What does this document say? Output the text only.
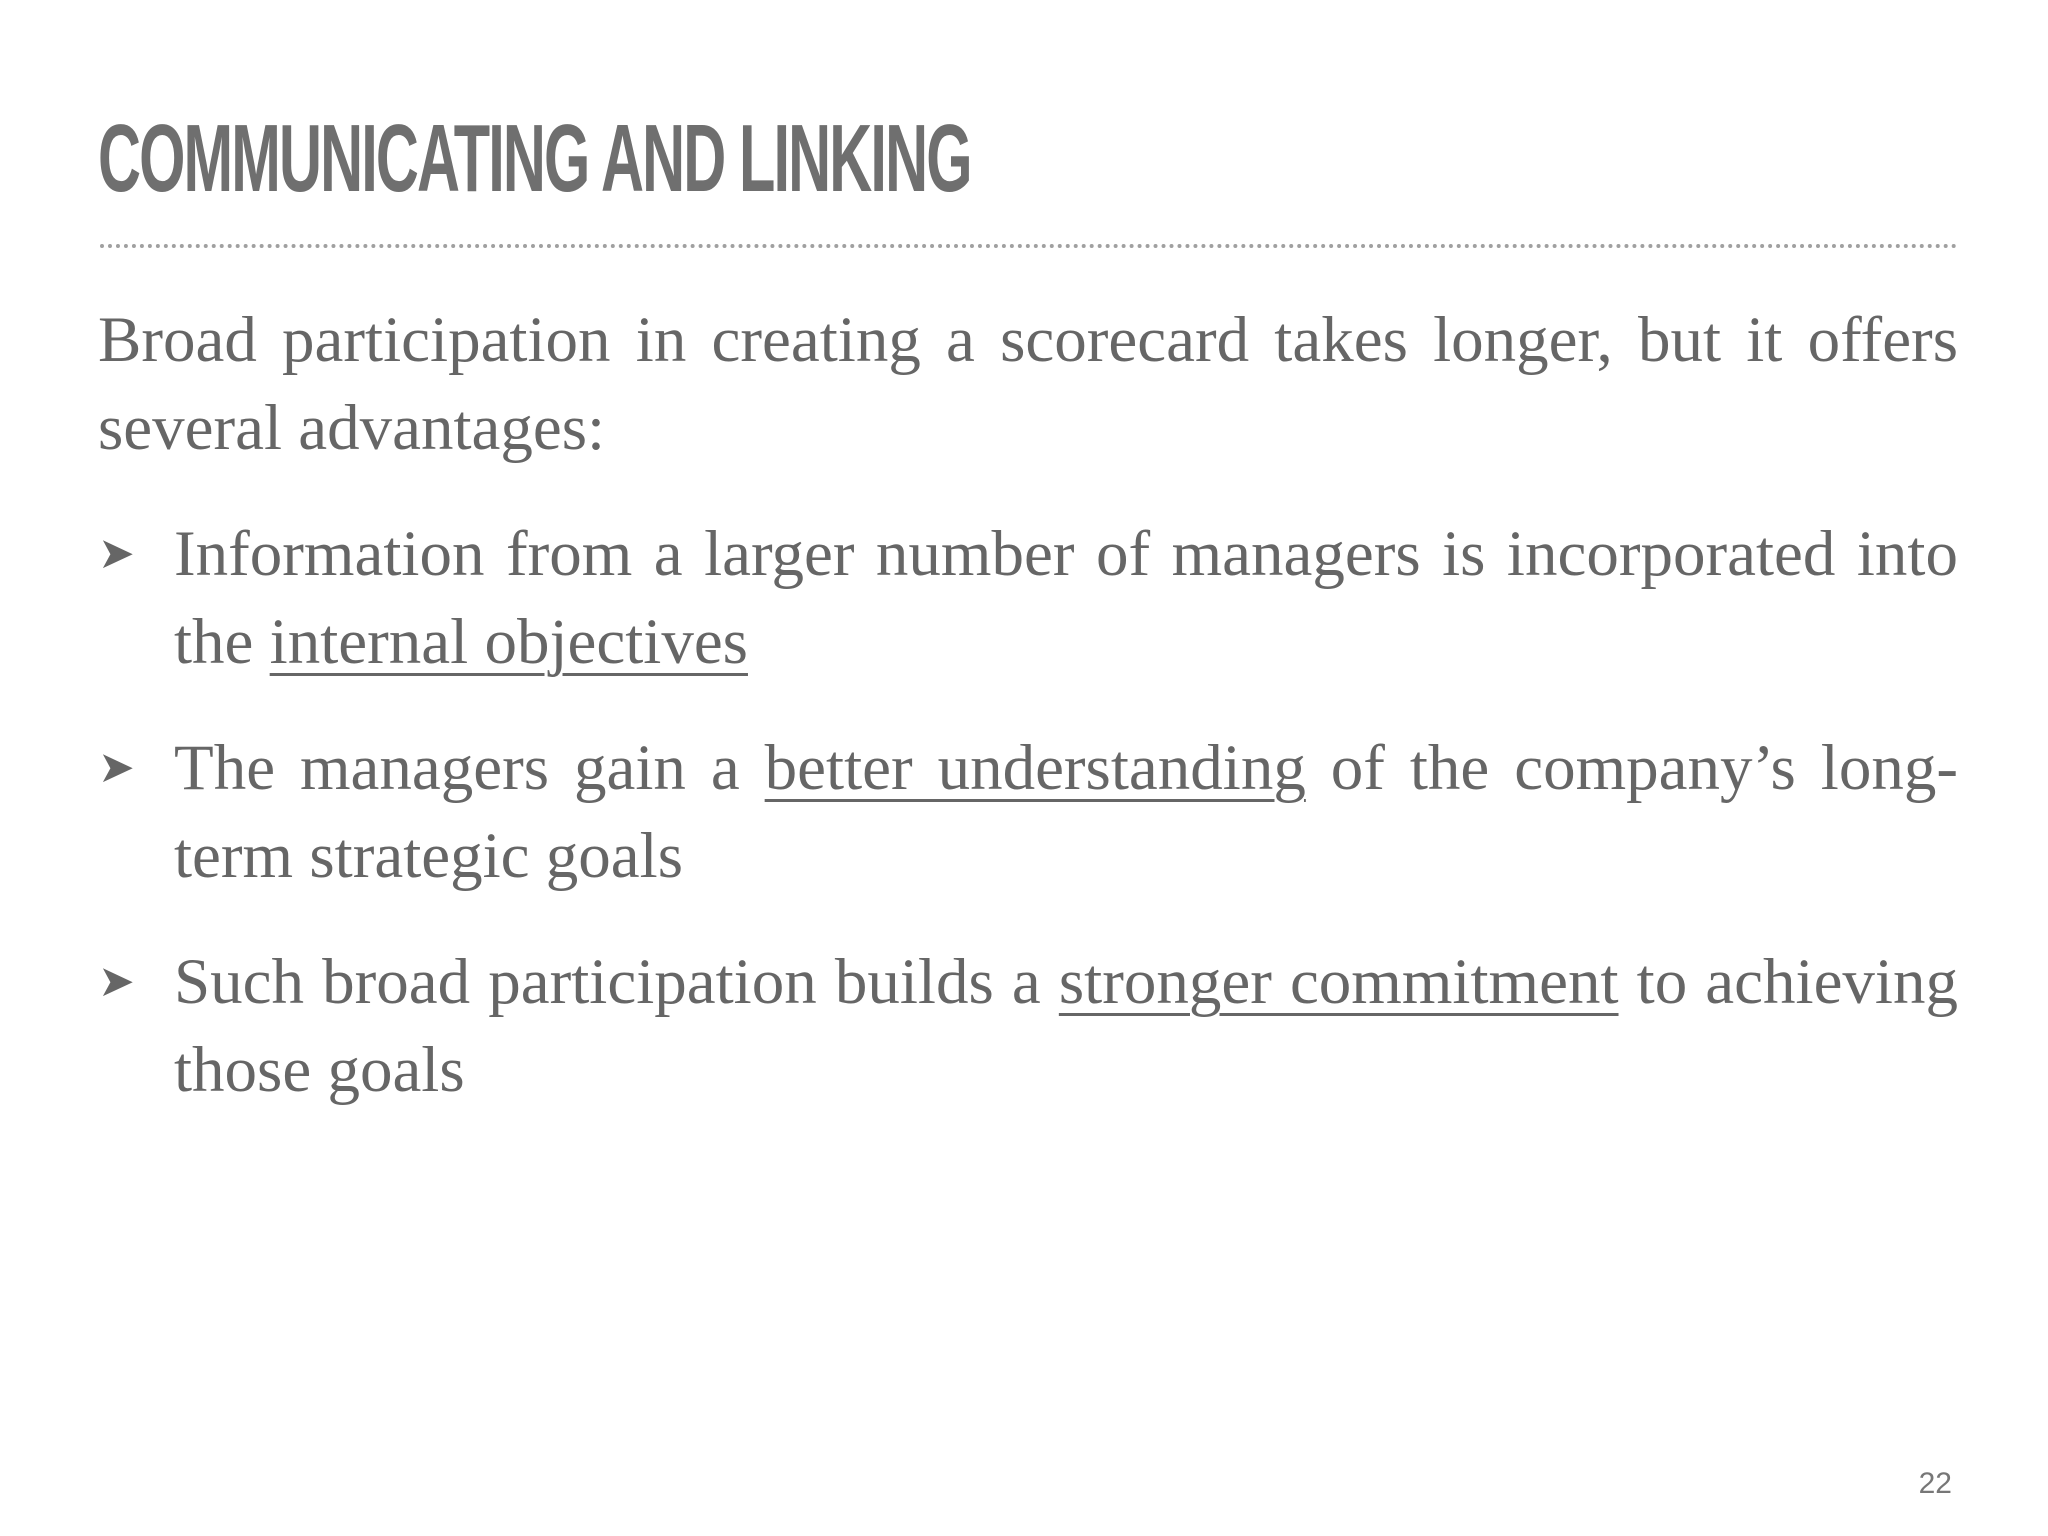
COMMUNICATING AND LINKING

Broad participation in creating a scorecard takes longer, but it offers several advantages:

➤ Information from a larger number of managers is incorporated into the internal objectives
➤ The managers gain a better understanding of the company’s long-term strategic goals
➤ Such broad participation builds a stronger commitment to achieving those goals
22
